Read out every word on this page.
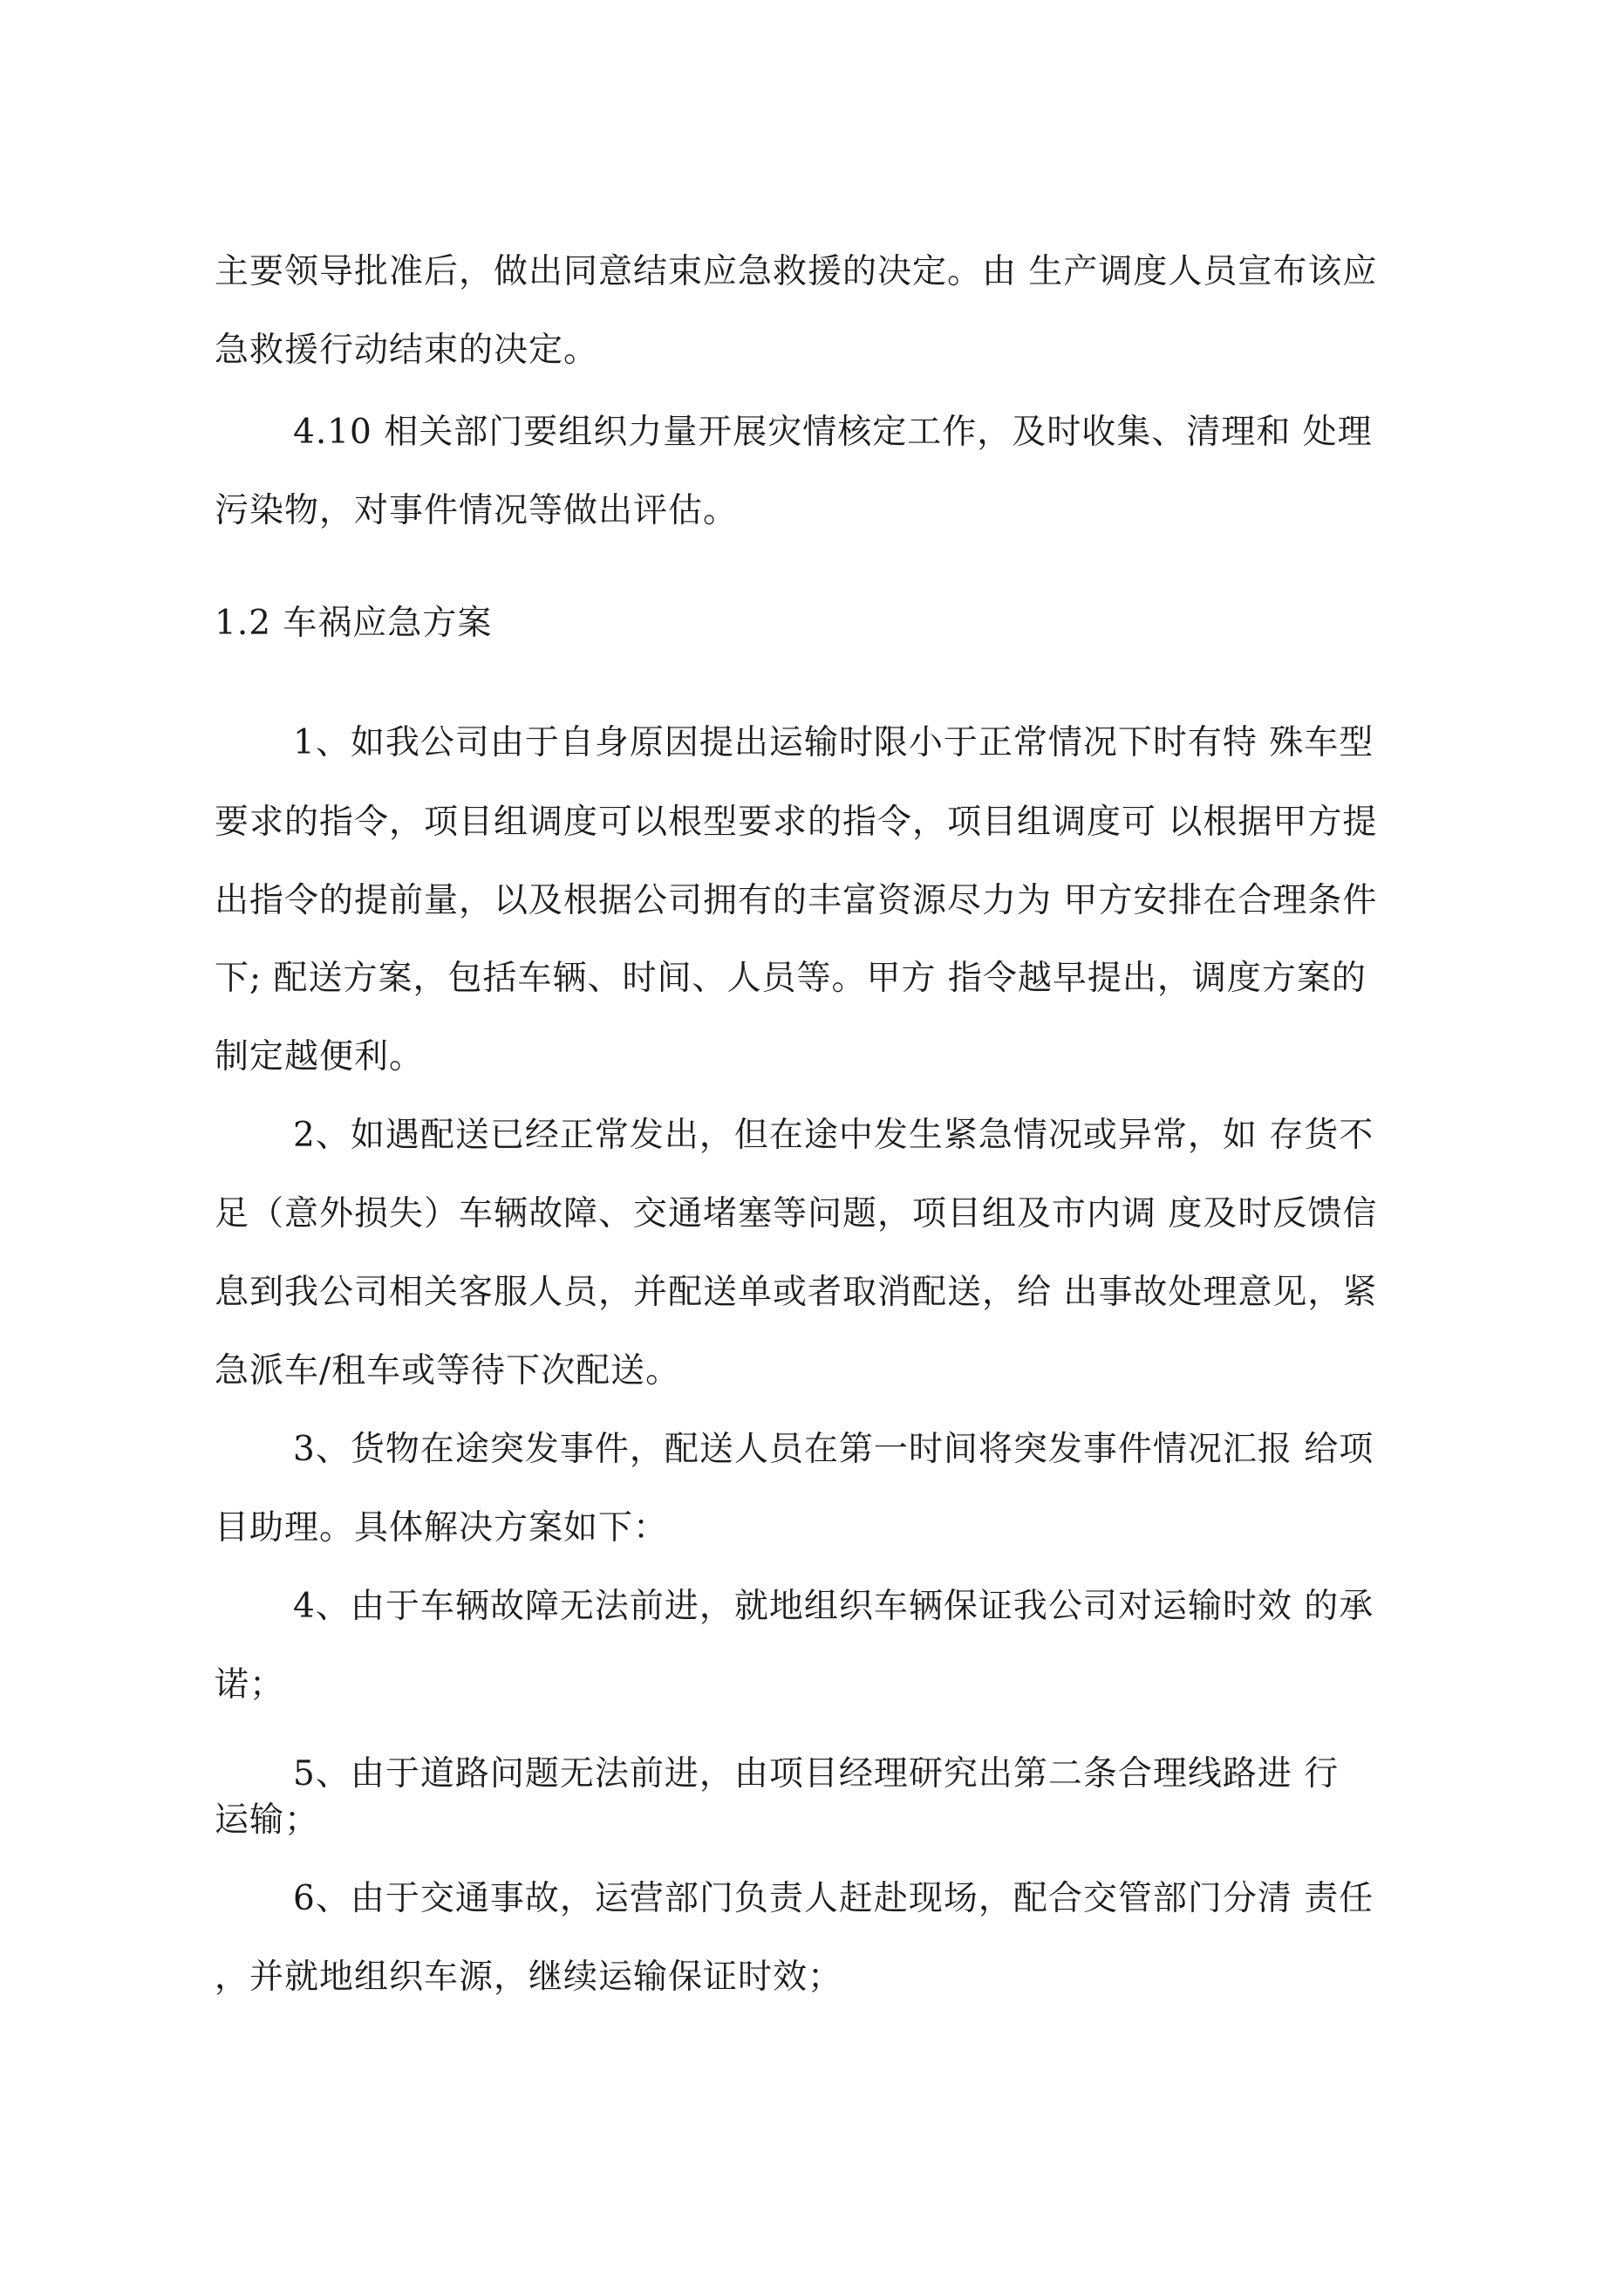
主要领导批准后，做出同意结束应急救援的决定。由 生产调度人员宣布该应
急救援行动结束的决定。
4.10 相关部门要组织力量开展灾情核定工作，及时收集、清理和 处理
污染物，对事件情况等做出评估。
1.2 车祸应急方案
1、如我公司由于自身原因提出运输时限小于正常情况下时有特 殊车型
要求的指令，项目组调度可以根型要求的指令，项目组调度可 以根据甲方提
出指令的提前量，以及根据公司拥有的丰富资源尽力为 甲方安排在合理条件
下; 配送方案，包括车辆、时间、人员等。甲方 指令越早提出，调度方案的
制定越便利。
2、如遇配送已经正常发出，但在途中发生紧急情况或异常，如 存货不
足（意外损失）车辆故障、交通堵塞等问题，项目组及市内调 度及时反馈信
息到我公司相关客服人员，并配送单或者取消配送，给 出事故处理意见，紧
急派车/租车或等待下次配送。
3、货物在途突发事件，配送人员在第一时间将突发事件情况汇报 给项
目助理。具体解决方案如下：
4、由于车辆故障无法前进，就地组织车辆保证我公司对运输时效 的承
诺；
5、由于道路问题无法前进，由项目经理研究出第二条合理线路进 行
运输；
6、由于交通事故，运营部门负责人赶赴现场，配合交管部门分清 责任
，并就地组织车源，继续运输保证时效；
